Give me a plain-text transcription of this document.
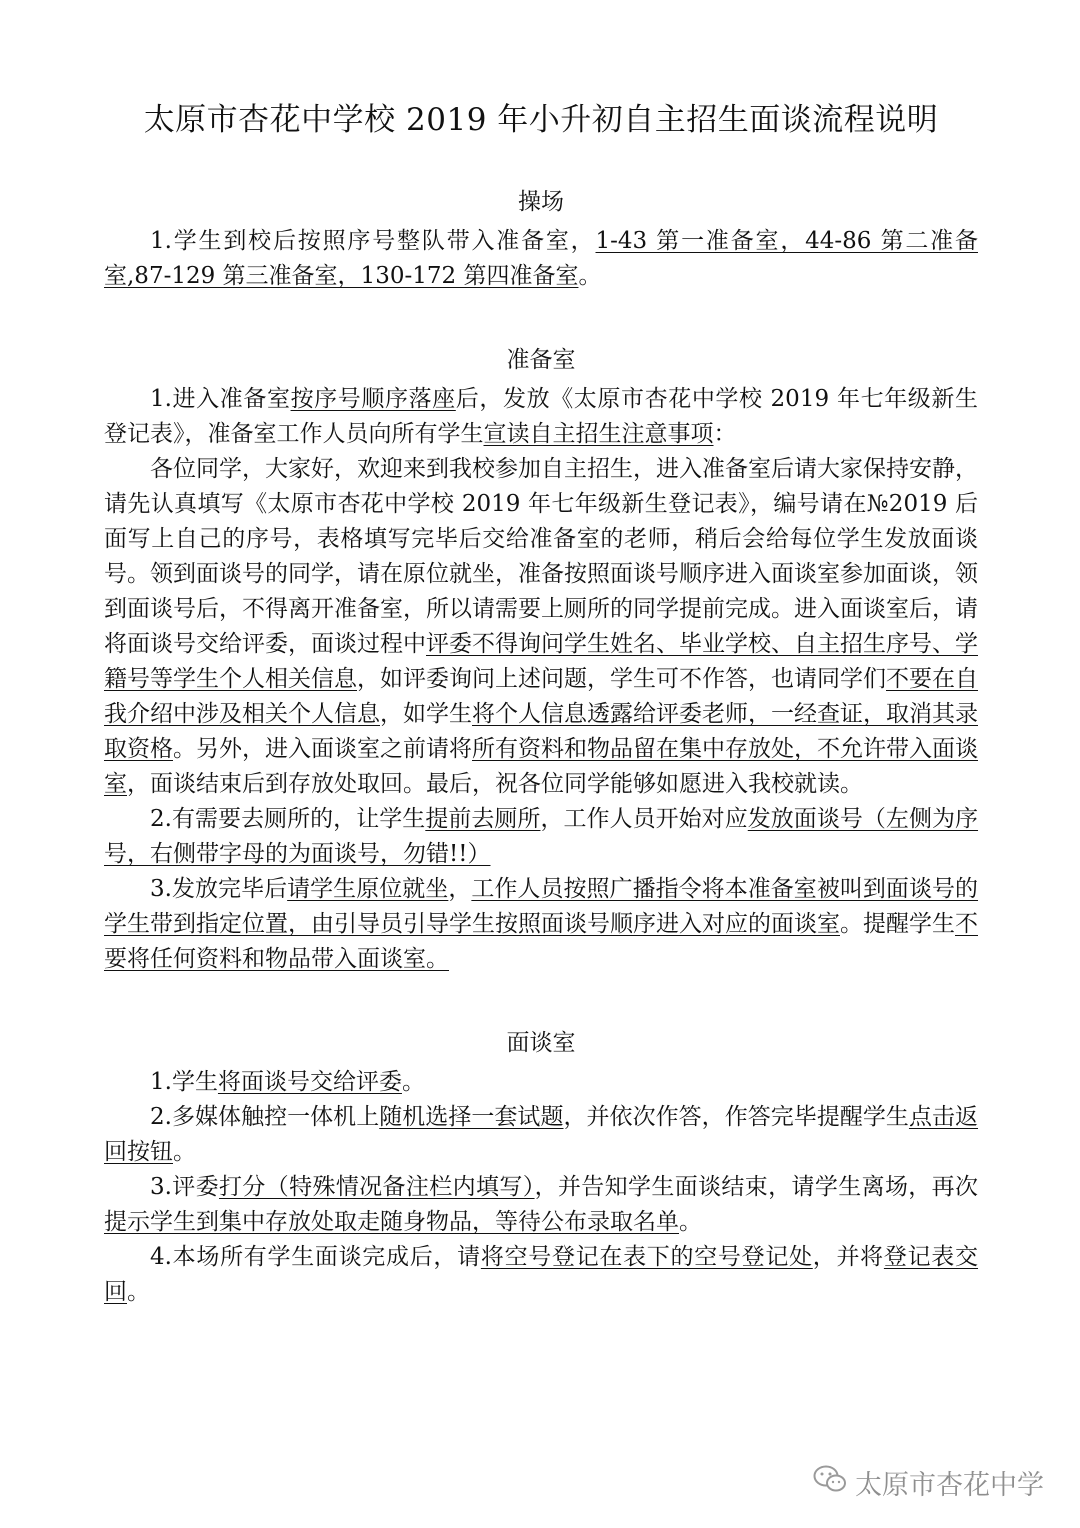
太原市杏花中学校 2019 年小升初自主招生面谈流程说明
操场

1.学生到校后按照序号整队带入准备室，1-43 第一准备室，44-86 第二准备室,87-129 第三准备室，130-172 第四准备室。

准备室

1.进入准备室按序号顺序落座后，发放《太原市杏花中学校 2019 年七年级新生登记表》，准备室工作人员向所有学生宣读自主招生注意事项：

各位同学，大家好，欢迎来到我校参加自主招生，进入准备室后请大家保持安静，请先认真填写《太原市杏花中学校 2019 年七年级新生登记表》，编号请在№2019 后面写上自己的序号，表格填写完毕后交给准备室的老师，稍后会给每位学生发放面谈号。领到面谈号的同学，请在原位就坐，准备按照面谈号顺序进入面谈室参加面谈，领到面谈号后，不得离开准备室，所以请需要上厕所的同学提前完成。进入面谈室后，请将面谈号交给评委，面谈过程中评委不得询问学生姓名、毕业学校、自主招生序号、学籍号等学生个人相关信息，如评委询问上述问题，学生可不作答，也请同学们不要在自我介绍中涉及相关个人信息，如学生将个人信息透露给评委老师，一经查证，取消其录取资格。另外，进入面谈室之前请将所有资料和物品留在集中存放处，不允许带入面谈室，面谈结束后到存放处取回。最后，祝各位同学能够如愿进入我校就读。

2.有需要去厕所的，让学生提前去厕所，工作人员开始对应发放面谈号（左侧为序号，右侧带字母的为面谈号，勿错!!）

3.发放完毕后请学生原位就坐，工作人员按照广播指令将本准备室被叫到面谈号的学生带到指定位置，由引导员引导学生按照面谈号顺序进入对应的面谈室。提醒学生不要将任何资料和物品带入面谈室。

面谈室

1.学生将面谈号交给评委。

2.多媒体触控一体机上随机选择一套试题，并依次作答，作答完毕提醒学生点击返回按钮。

3.评委打分（特殊情况备注栏内填写），并告知学生面谈结束，请学生离场，再次提示学生到集中存放处取走随身物品，等待公布录取名单。

4.本场所有学生面谈完成后，请将空号登记在表下的空号登记处，并将登记表交回。

太原市杏花中学
